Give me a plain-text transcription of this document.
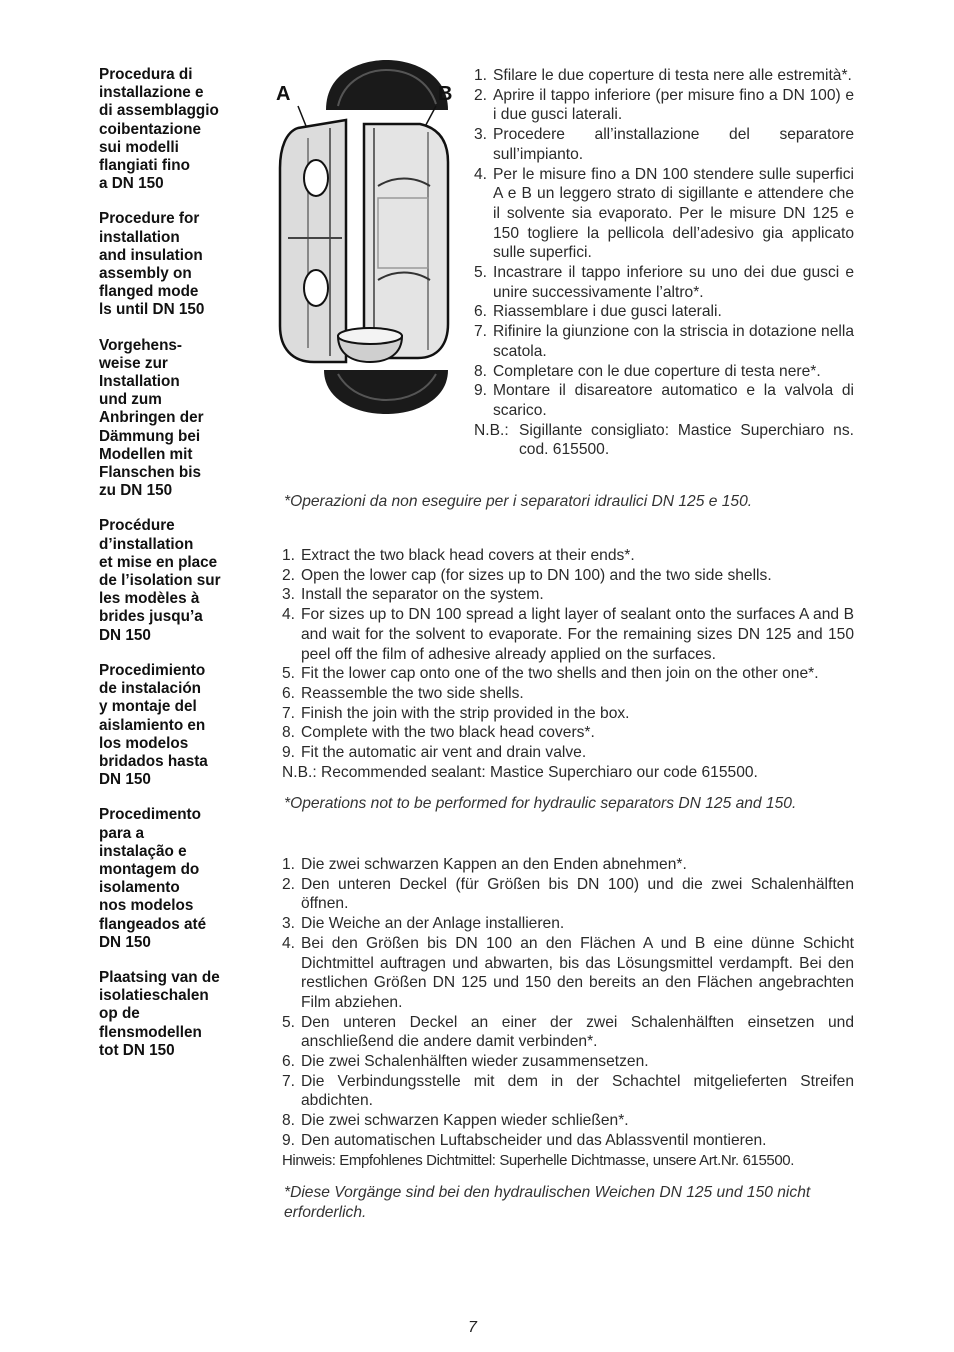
Procedura di
installazione e
di assemblaggio
coibentazione
sui modelli
flangiati fino
a DN 150
Procedure for
installation
and insulation
assembly on
flanged mode
ls until DN 150
Vorgehens-
weise zur
Installation
und zum
Anbringen der
Dämmung bei
Modellen mit
Flanschen bis
zu DN 150
Procédure
d’installation
et mise en place
de l’isolation sur
les modèles à
brides jusqu’a
DN 150
Procedimiento
de instalación
y montaje del
aislamiento en
los modelos
bridados hasta
DN 150
Procedimento
para a
instalação e
montagem do
isolamento
nos modelos
flangeados até
DN 150
Plaatsing van de
isolatieschalen
op de
flensmodellen
tot DN 150
A	B
1. Sfilare le due coperture di testa nere alle estremità*.
2. Aprire il tappo inferiore (per misure fino a DN 100) e i due gusci laterali.
3. Procedere all’installazione del separatore sull’impianto.
4. Per le misure fino a DN 100 stendere sulle superfici A e B un leggero strato di sigillante e attendere che il solvente sia evaporato. Per le misure DN 125 e 150 togliere la pellicola dell’adesivo gia applicato sulle superfici.
5. Incastrare il tappo inferiore su uno dei due gusci e unire successivamente l’altro*.
6. Riassemblare i due gusci laterali.
7. Rifinire la giunzione con la striscia in dotazione nella scatola.
8. Completare con le due coperture di testa nere*.
9. Montare il disareatore automatico e la valvola di scarico.
N.B.: Sigillante consigliato: Mastice Superchiaro ns. cod. 615500.
*Operazioni da non eseguire per i separatori idraulici DN 125 e 150.
1. Extract the two black head covers at their ends*.
2. Open the lower cap (for sizes up to DN 100) and the two side shells.
3. Install the separator on the system.
4. For sizes up to DN 100 spread a light layer of sealant onto the surfaces A and B and wait for the solvent to evaporate. For the remaining sizes DN 125 and 150 peel off the film of adhesive already applied on the surfaces.
5. Fit the lower cap onto one of the two shells and then join on the other one*.
6. Reassemble the two side shells.
7. Finish the join with the strip provided in the box.
8. Complete with the two black head covers*.
9. Fit the automatic air vent and drain valve.
N.B.: Recommended sealant: Mastice Superchiaro our code 615500.
*Operations not to be performed for hydraulic separators DN 125 and 150.
1. Die zwei schwarzen Kappen an den Enden abnehmen*.
2. Den unteren Deckel (für Größen bis DN 100) und die zwei Schalenhälften öffnen.
3. Die Weiche an der Anlage installieren.
4. Bei den Größen bis DN 100 an den Flächen A und B eine dünne Schicht Dichtmittel auftragen und abwarten, bis das Lösungsmittel verdampft. Bei den restlichen Größen DN 125 und 150 den bereits an den Flächen angebrachten Film abziehen.
5. Den unteren Deckel an einer der zwei Schalenhälften einsetzen und anschließend die andere damit verbinden*.
6. Die zwei Schalenhälften wieder zusammensetzen.
7. Die Verbindungsstelle mit dem in der Schachtel mitgelieferten Streifen abdichten.
8. Die zwei schwarzen Kappen wieder schließen*.
9. Den automatischen Luftabscheider und das Ablassventil montieren.
Hinweis: Empfohlenes Dichtmittel: Superhelle Dichtmasse, unsere Art.Nr. 615500.
*Diese Vorgänge sind bei den hydraulischen Weichen DN 125 und 150 nicht erforderlich.
7
